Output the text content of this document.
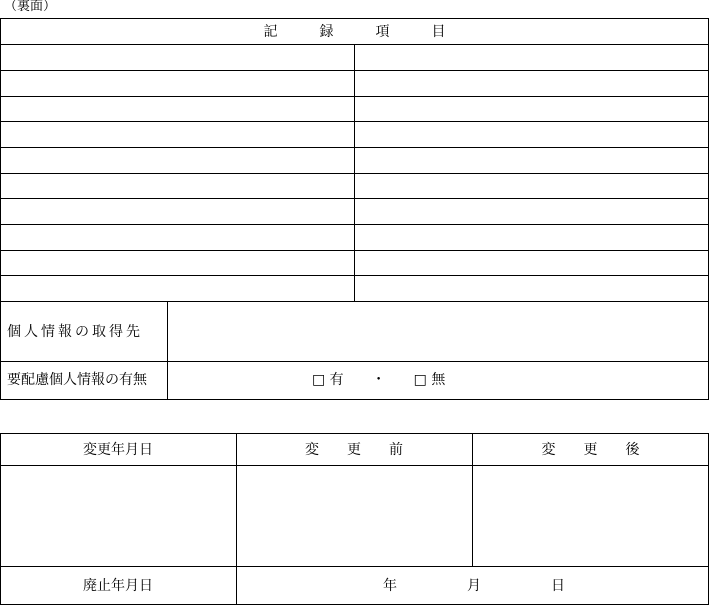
（裏面）
記　　　録　　　項　　　目
個人情報の取得先
要配慮個人情報の有無	□ 有　　・　　□ 無
変更年月日	変　　更　　前	変　　更　　後
廃止年月日	年　　　　　月　　　　　日
